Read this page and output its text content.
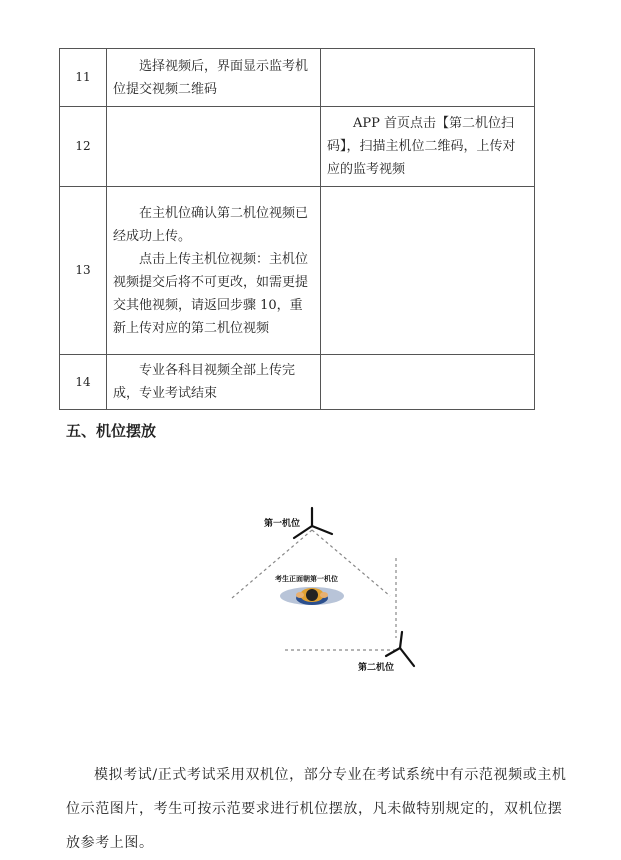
11	选择视频后，界面显示监考机位提交视频二维码	

12		APP 首页点击【第二机位扫码】，扫描主机位二维码，上传对应的监考视频

13	在主机位确认第二机位视频已经成功上传。

点击上传主机位视频：主机位视频提交后将不可更改，如需更提交其他视频，请返回步骤 10，重新上传对应的第二机位视频	

14	专业各科目视频全部上传完成，专业考试结束	

五、机位摆放
第一机位
第二机位
考生正面朝第一机位

模拟考试/正式考试采用双机位，部分专业在考试系统中有示范视频或主机位示范图片，考生可按示范要求进行机位摆放，凡未做特别规定的，双机位摆放参考上图。
